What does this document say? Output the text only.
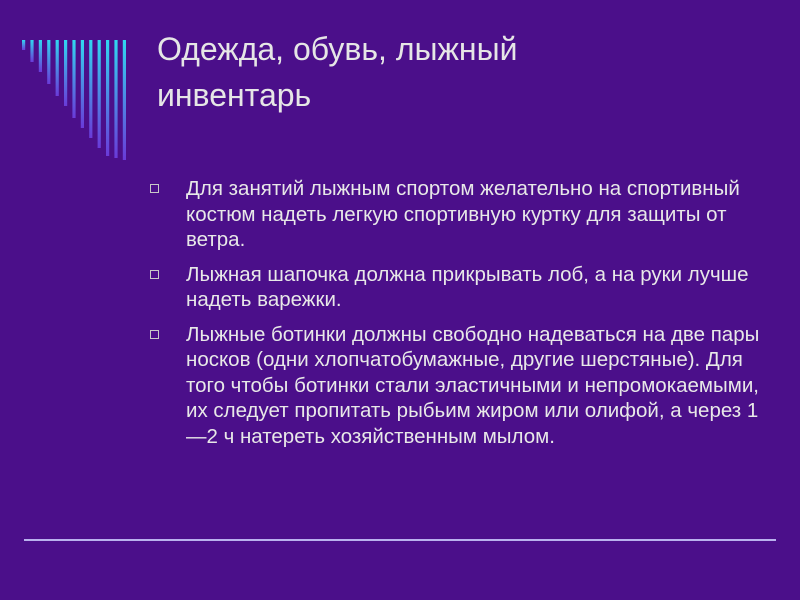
Одежда, обувь, лыжный
инвентарь
Для занятий лыжным спортом желательно на спортивный костюм надеть легкую спортивную куртку для защиты от ветра.
Лыжная шапочка должна прикрывать лоб, а на руки лучше надеть варежки.
Лыжные ботинки должны свободно надеваться на две пары носков (одни хлопчатобумажные, другие шерстяные). Для того чтобы ботинки стали эластичными и непромокаемыми, их следует пропитать рыбьим жиром или олифой, а через 1—2 ч натереть хозяйственным мылом.
